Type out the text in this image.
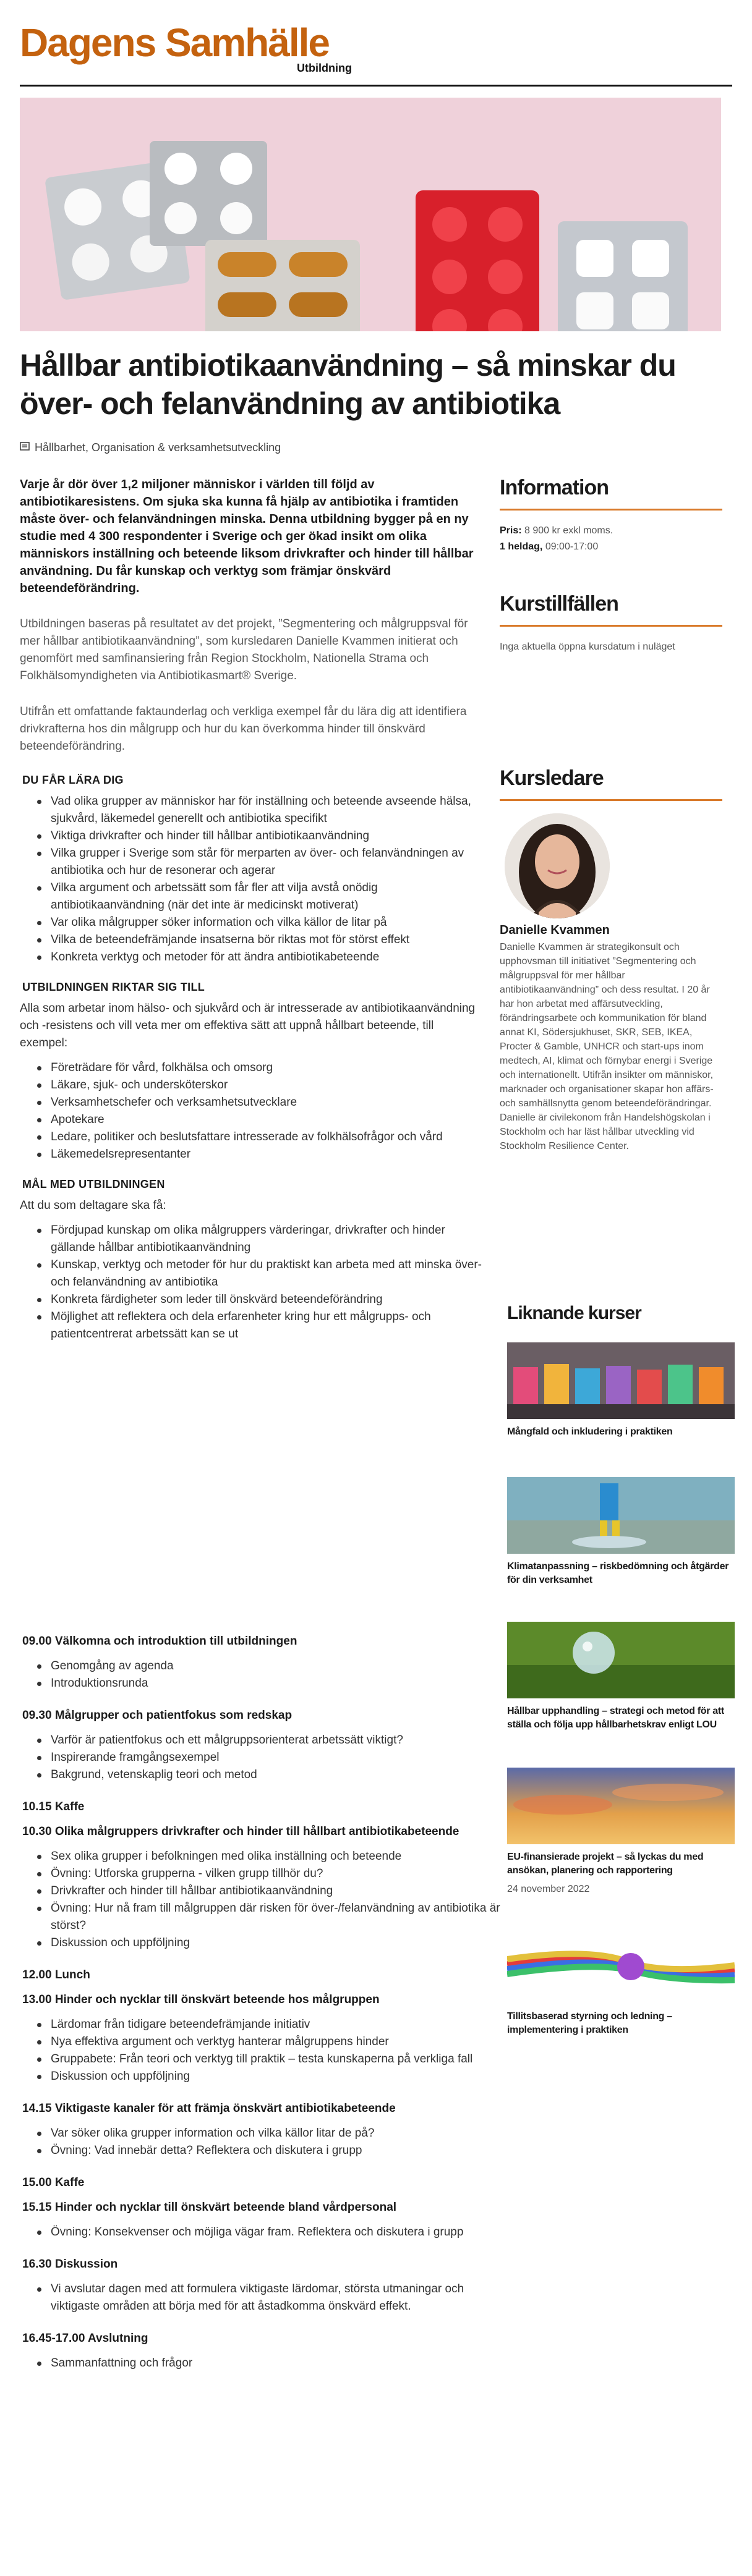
Dagens Samhälle
Utbildning
Hållbar antibiotikaanvändning – så minskar du över- och felanvändning av antibiotika
Hållbarhet, Organisation & verksamhetsutveckling

Varje år dör över 1,2 miljoner människor i världen till följd av antibiotikaresistens. Om sjuka ska kunna få hjälp av antibiotika i framtiden måste över- och felanvändningen minska. Denna utbildning bygger på en ny studie med 4 300 respondenter i Sverige och ger ökad insikt om olika människors inställning och beteende liksom drivkrafter och hinder till hållbar användning. Du får kunskap och verktyg som främjar önskvärd beteendeförändring.

Utbildningen baseras på resultatet av det projekt, ”Segmentering och målgruppsval för mer hållbar antibiotikaanvändning”, som kursledaren Danielle Kvammen initierat och genomfört med samfinansiering från Region Stockholm, Nationella Strama och Folkhälsomyndigheten via Antibiotikasmart® Sverige.

Utifrån ett omfattande faktaunderlag och verkliga exempel får du lära dig att identifiera drivkrafterna hos din målgrupp och hur du kan överkomma hinder till önskvärd beteendeförändring.

DU FÅR LÄRA DIG
Vad olika grupper av människor har för inställning och beteende avseende hälsa, sjukvård, läkemedel generellt och antibiotika specifikt
Viktiga drivkrafter och hinder till hållbar antibiotikaanvändning
Vilka grupper i Sverige som står för merparten av över- och felanvändningen av antibiotika och hur de resonerar och agerar
Vilka argument och arbetssätt som får fler att vilja avstå onödig antibiotikaanvändning (när det inte är medicinskt motiverat)
Var olika målgrupper söker information och vilka källor de litar på
Vilka de beteendefrämjande insatserna bör riktas mot för störst effekt
Konkreta verktyg och metoder för att ändra antibiotikabeteende
UTBILDNINGEN RIKTAR SIG TILL

Alla som arbetar inom hälso- och sjukvård och är intresserade av antibiotikaanvändning och -resistens och vill veta mer om effektiva sätt att uppnå hållbart beteende, till exempel:

Företrädare för vård, folkhälsa och omsorg
Läkare, sjuk- och undersköterskor
Verksamhetschefer och verksamhetsutvecklare
Apotekare
Ledare, politiker och beslutsfattare intresserade av folkhälsofrågor och vård
Läkemedelsrepresentanter
MÅL MED UTBILDNINGEN

Att du som deltagare ska få:

Fördjupad kunskap om olika målgruppers värderingar, drivkrafter och hinder gällande hållbar antibiotikaanvändning
Kunskap, verktyg och metoder för hur du praktiskt kan arbeta med att minska över- och felanvändning av antibiotika
Konkreta färdigheter som leder till önskvärd beteendeförändring
Möjlighet att reflektera och dela erfarenheter kring hur ett målgrupps- och patientcentrerat arbetssätt kan se ut
09.00 Välkomna och introduktion till utbildningen
Genomgång av agenda
Introduktionsrunda
09.30 Målgrupper och patientfokus som redskap
Varför är patientfokus och ett målgruppsorienterat arbetssätt viktigt?
Inspirerande framgångsexempel
Bakgrund, vetenskaplig teori och metod
10.15 Kaffe
10.30 Olika målgruppers drivkrafter och hinder till hållbart antibiotikabeteende
Sex olika grupper i befolkningen med olika inställning och beteende
Övning: Utforska grupperna - vilken grupp tillhör du?
Drivkrafter och hinder till hållbar antibiotikaanvändning
Övning: Hur nå fram till målgruppen där risken för över-/felanvändning av antibiotika är störst?
Diskussion och uppföljning
12.00 Lunch
13.00 Hinder och nycklar till önskvärt beteende hos målgruppen
Lärdomar från tidigare beteendefrämjande initiativ
Nya effektiva argument och verktyg hanterar målgruppens hinder
Gruppabete: Från teori och verktyg till praktik – testa kunskaperna på verkliga fall
Diskussion och uppföljning
14.15 Viktigaste kanaler för att främja önskvärt antibiotikabeteende
Var söker olika grupper information och vilka källor litar de på?
Övning: Vad innebär detta? Reflektera och diskutera i grupp
15.00 Kaffe
15.15 Hinder och nycklar till önskvärt beteende bland vårdpersonal
Övning: Konsekvenser och möjliga vägar fram. Reflektera och diskutera i grupp
16.30 Diskussion
Vi avslutar dagen med att formulera viktigaste lärdomar, största utmaningar och viktigaste områden att börja med för att åstadkomma önskvärd effekt.
16.45-17.00 Avslutning
Sammanfattning och frågor
Information
Pris: 8 900 kr exkl moms.
1 heldag, 09:00-17:00
Kurstillfällen
Inga aktuella öppna kursdatum i nuläget
Kursledare
Danielle Kvammen
Danielle Kvammen är strategikonsult och upphovsman till initiativet ”Segmentering och målgruppsval för mer hållbar antibiotikaanvändning” och dess resultat. I 20 år har hon arbetat med affärsutveckling, förändringsarbete och kommunikation för bland annat KI, Södersjukhuset, SKR, SEB, IKEA, Procter & Gamble, UNHCR och start-ups inom medtech, AI, klimat och förnybar energi i Sverige och internationellt. Utifrån insikter om människor, marknader och organisationer skapar hon affärs- och samhällsnytta genom beteendeförändringar. Danielle är civilekonom från Handelshögskolan i Stockholm och har läst hållbar utveckling vid Stockholm Resilience Center.
Liknande kurser
Mångfald och inkludering i praktiken
Klimatanpassning – riskbedömning och åtgärder för din verksamhet
Hållbar upphandling – strategi och metod för att ställa och följa upp hållbarhetskrav enligt LOU
EU-finansierade projekt – så lyckas du med ansökan, planering och rapportering
24 november 2022
Tillitsbaserad styrning och ledning – implementering i praktiken
